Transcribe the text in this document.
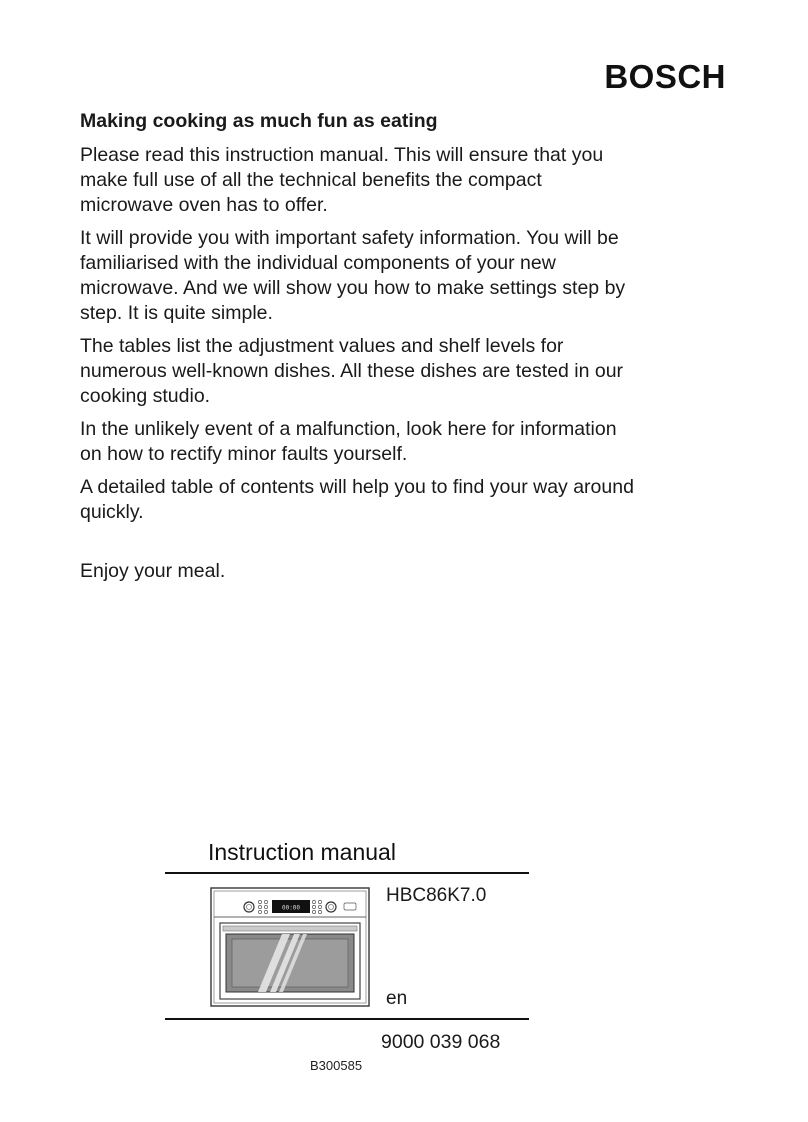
BOSCH
Making cooking as much fun as eating

Please read this instruction manual. This will ensure that you make full use of all the technical benefits the compact microwave oven has to offer.

It will provide you with important safety information. You will be familiarised with the individual components of your new microwave. And we will show you how to make settings step by step. It is quite simple.

The tables list the adjustment values and shelf levels for numerous well-known dishes. All these dishes are tested in our cooking studio.

In the unlikely event of a malfunction, look here for information on how to rectify minor faults yourself.

A detailed table of contents will help you to find your way around quickly.

Enjoy your meal.

Instruction manual
00:00
HBC86K7.0
en
9000 039 068
B300585
